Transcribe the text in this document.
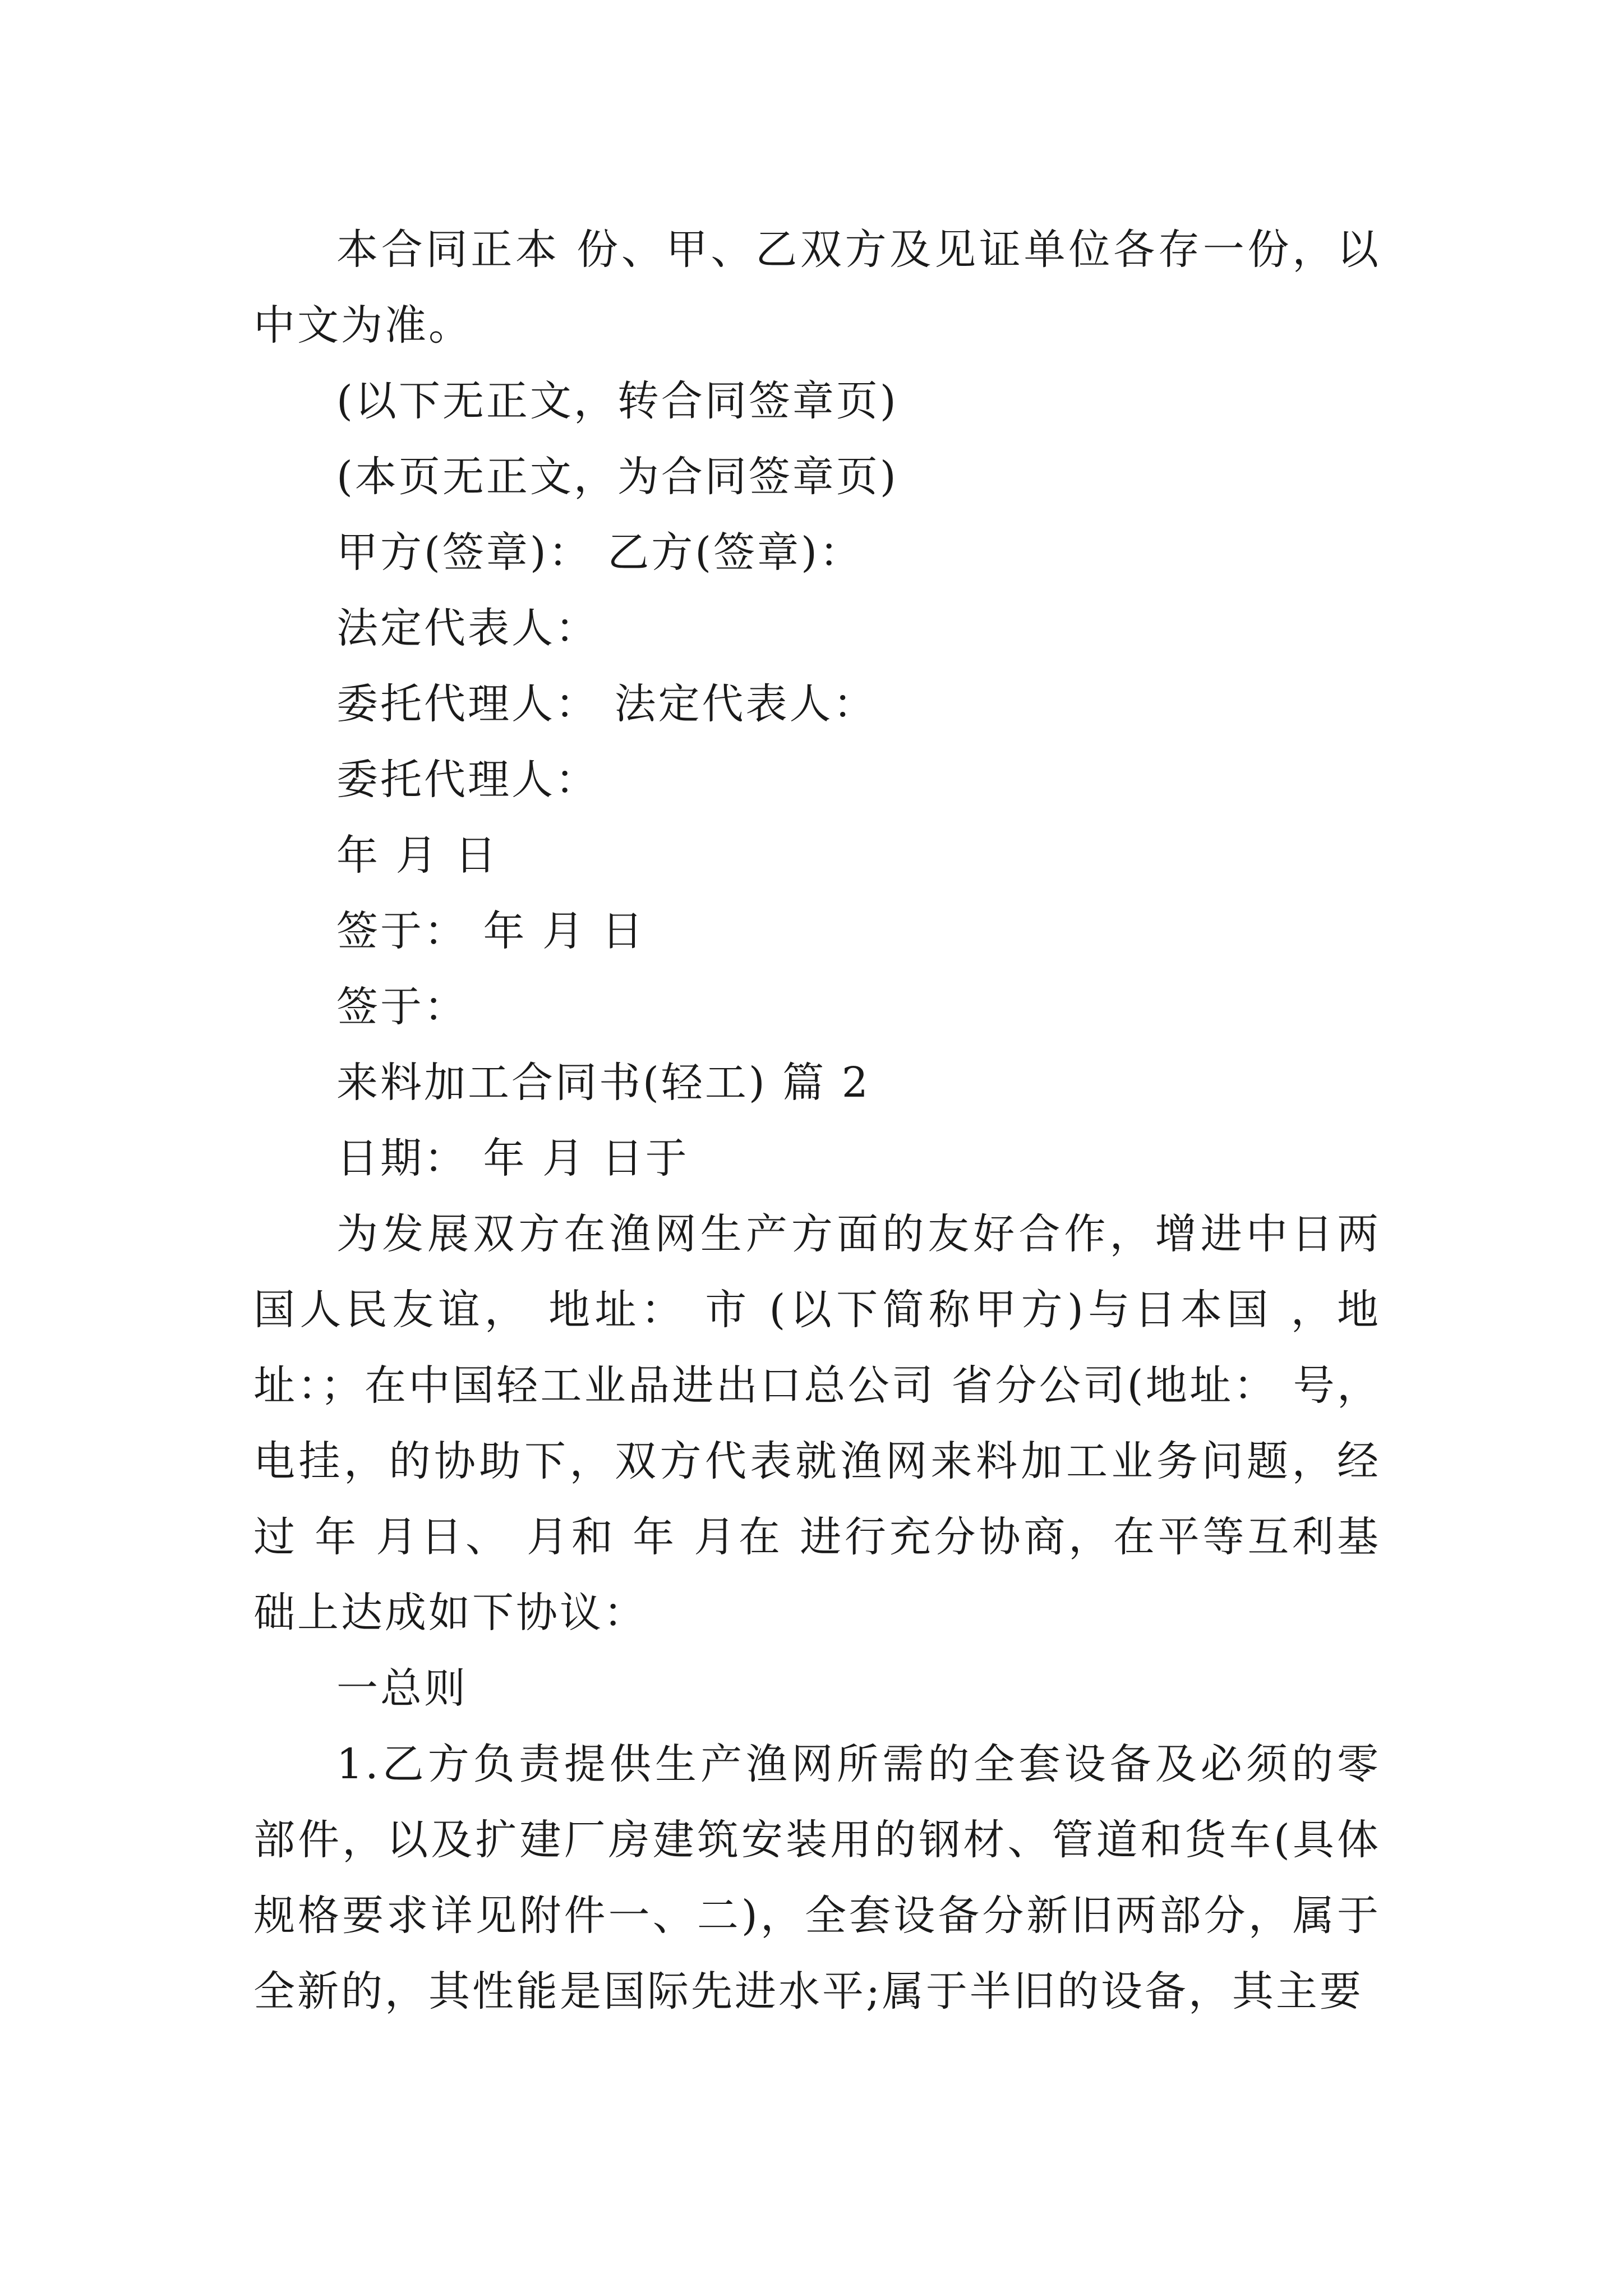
本合同正本 份、甲、乙双方及见证单位各存一份，以中文为准。

(以下无正文，转合同签章页)

(本页无正文，为合同签章页)

甲方(签章)： 乙方(签章)：

法定代表人：

委托代理人： 法定代表人：

委托代理人：

年 月 日

签于： 年 月 日

签于：

来料加工合同书(轻工) 篇 2

日期： 年 月 日于

为发展双方在渔网生产方面的友好合作，增进中日两国人民友谊， 地址： 市 (以下简称甲方)与日本国 ，地址：；在中国轻工业品进出口总公司 省分公司(地址： 号，电挂，的协助下，双方代表就渔网来料加工业务问题，经过 年 月日、 月和 年 月在 进行充分协商，在平等互利基础上达成如下协议：

一总则

1.乙方负责提供生产渔网所需的全套设备及必须的零部件，以及扩建厂房建筑安装用的钢材、管道和货车(具体规格要求详见附件一、二)，全套设备分新旧两部分，属于全新的，其性能是国际先进水平;属于半旧的设备，其主要
